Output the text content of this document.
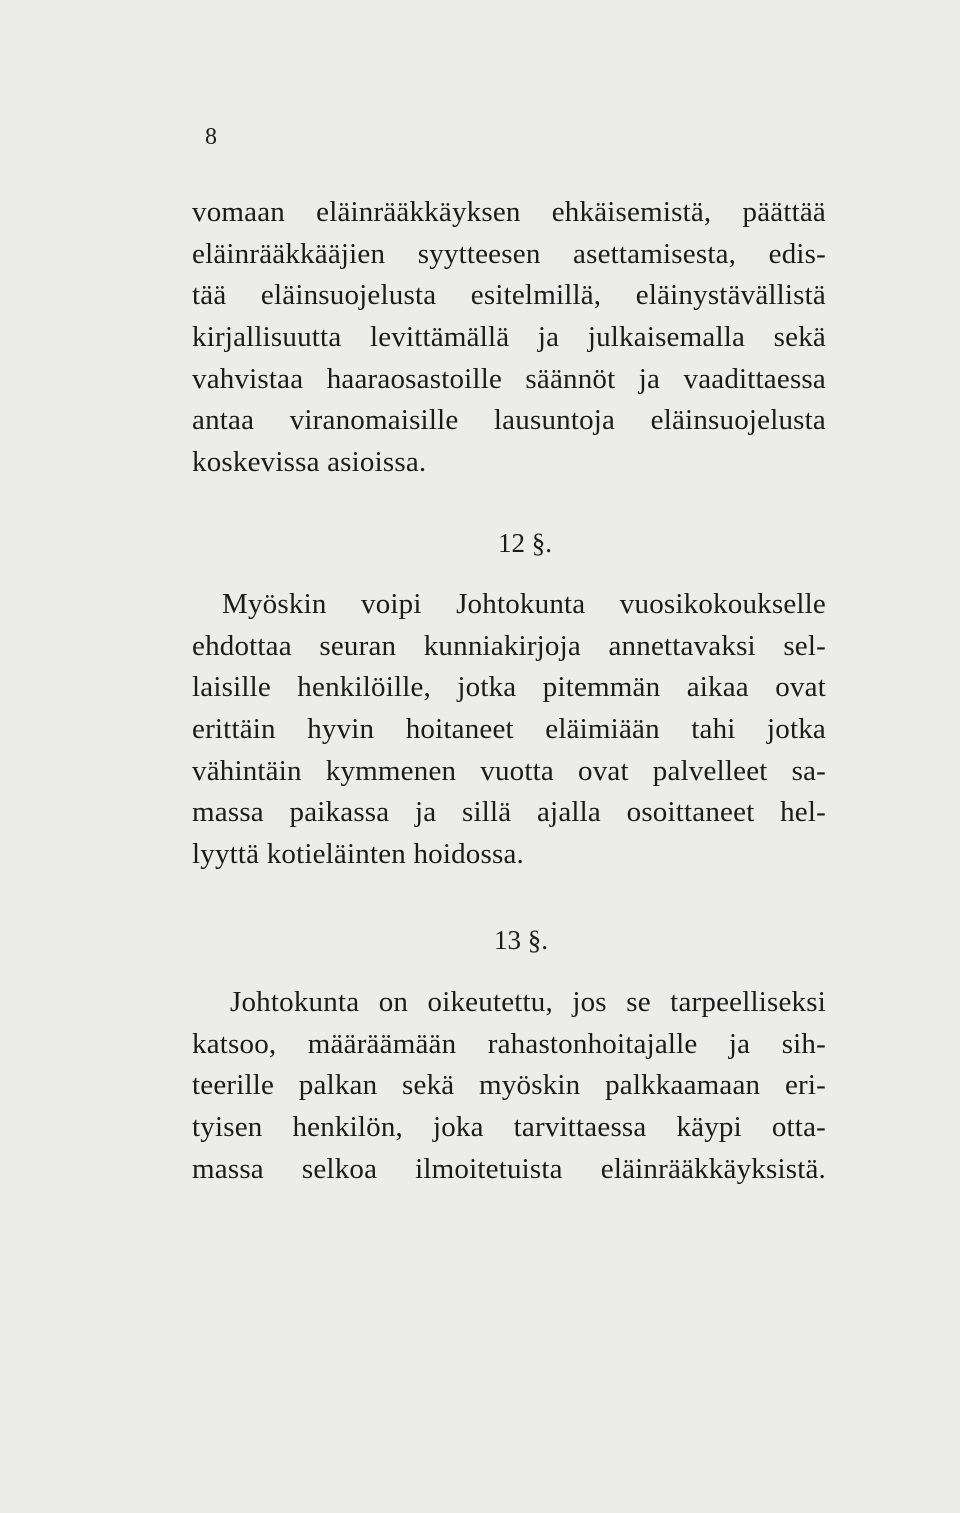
8
vomaan eläinrääkkäyksen ehkäisemistä, päättää
eläinrääkkääjien syytteesen asettamisesta, edis-
tää eläinsuojelusta esitelmillä, eläinystävällistä
kirjallisuutta levittämällä ja julkaisemalla sekä
vahvistaa haaraosastoille säännöt ja vaadittaessa
antaa viranomaisille lausuntoja eläinsuojelusta
koskevissa asioissa.
12 §.
Myöskin voipi Johtokunta vuosikokoukselle
ehdottaa seuran kunniakirjoja annettavaksi sel-
laisille henkilöille, jotka pitemmän aikaa ovat
erittäin hyvin hoitaneet eläimiään tahi jotka
vähintäin kymmenen vuotta ovat palvelleet sa-
massa paikassa ja sillä ajalla osoittaneet hel-
lyyttä kotieläinten hoidossa.
13 §.
Johtokunta on oikeutettu, jos se tarpeelliseksi
katsoo, määräämään rahastonhoitajalle ja sih-
teerille palkan sekä myöskin palkkaamaan eri-
tyisen henkilön, joka tarvittaessa käypi otta-
massa selkoa ilmoitetuista eläinrääkkäyksistä.
